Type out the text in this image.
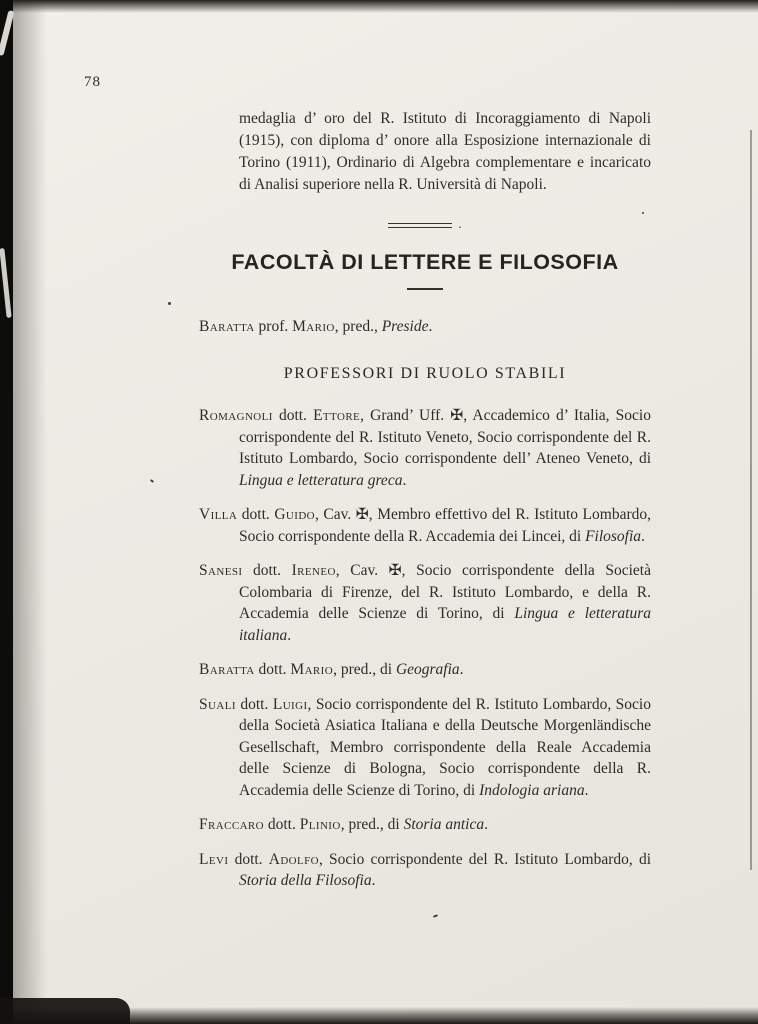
78

medaglia d’ oro del R. Istituto di Incoraggiamento di Napoli (1915), con diploma d’ onore alla Esposizione internazionale di Torino (1911), Ordinario di Algebra complementare e incaricato di Analisi superiore nella R. Università di Napoli.

.
FACOLTÀ DI LETTERE E FILOSOFIA

Baratta prof. Mario, pred., Preside.

PROFESSORI DI RUOLO STABILI

Romagnoli dott. Ettore, Grand’ Uff. ✠, Accademico d’ Italia, Socio corrispondente del R. Istituto Veneto, Socio corrispondente del R. Istituto Lombardo, Socio corrispondente dell’ Ateneo Veneto, di Lingua e letteratura greca.

Villa dott. Guido, Cav. ✠, Membro effettivo del R. Istituto Lombardo, Socio corrispondente della R. Accademia dei Lincei, di Filosofia.

Sanesi dott. Ireneo, Cav. ✠, Socio corrispondente della Società Colombaria di Firenze, del R. Istituto Lombardo, e della R. Accademia delle Scienze di Torino, di Lingua e letteratura italiana.

Baratta dott. Mario, pred., di Geografia.

Suali dott. Luigi, Socio corrispondente del R. Istituto Lombardo, Socio della Società Asiatica Italiana e della Deutsche Morgenländische Gesellschaft, Membro corrispondente della Reale Accademia delle Scienze di Bologna, Socio corrispondente della R. Accademia delle Scienze di Torino, di Indologia ariana.

Fraccaro dott. Plinio, pred., di Storia antica.

Levi dott. Adolfo, Socio corrispondente del R. Istituto Lombardo, di Storia della Filosofia.
